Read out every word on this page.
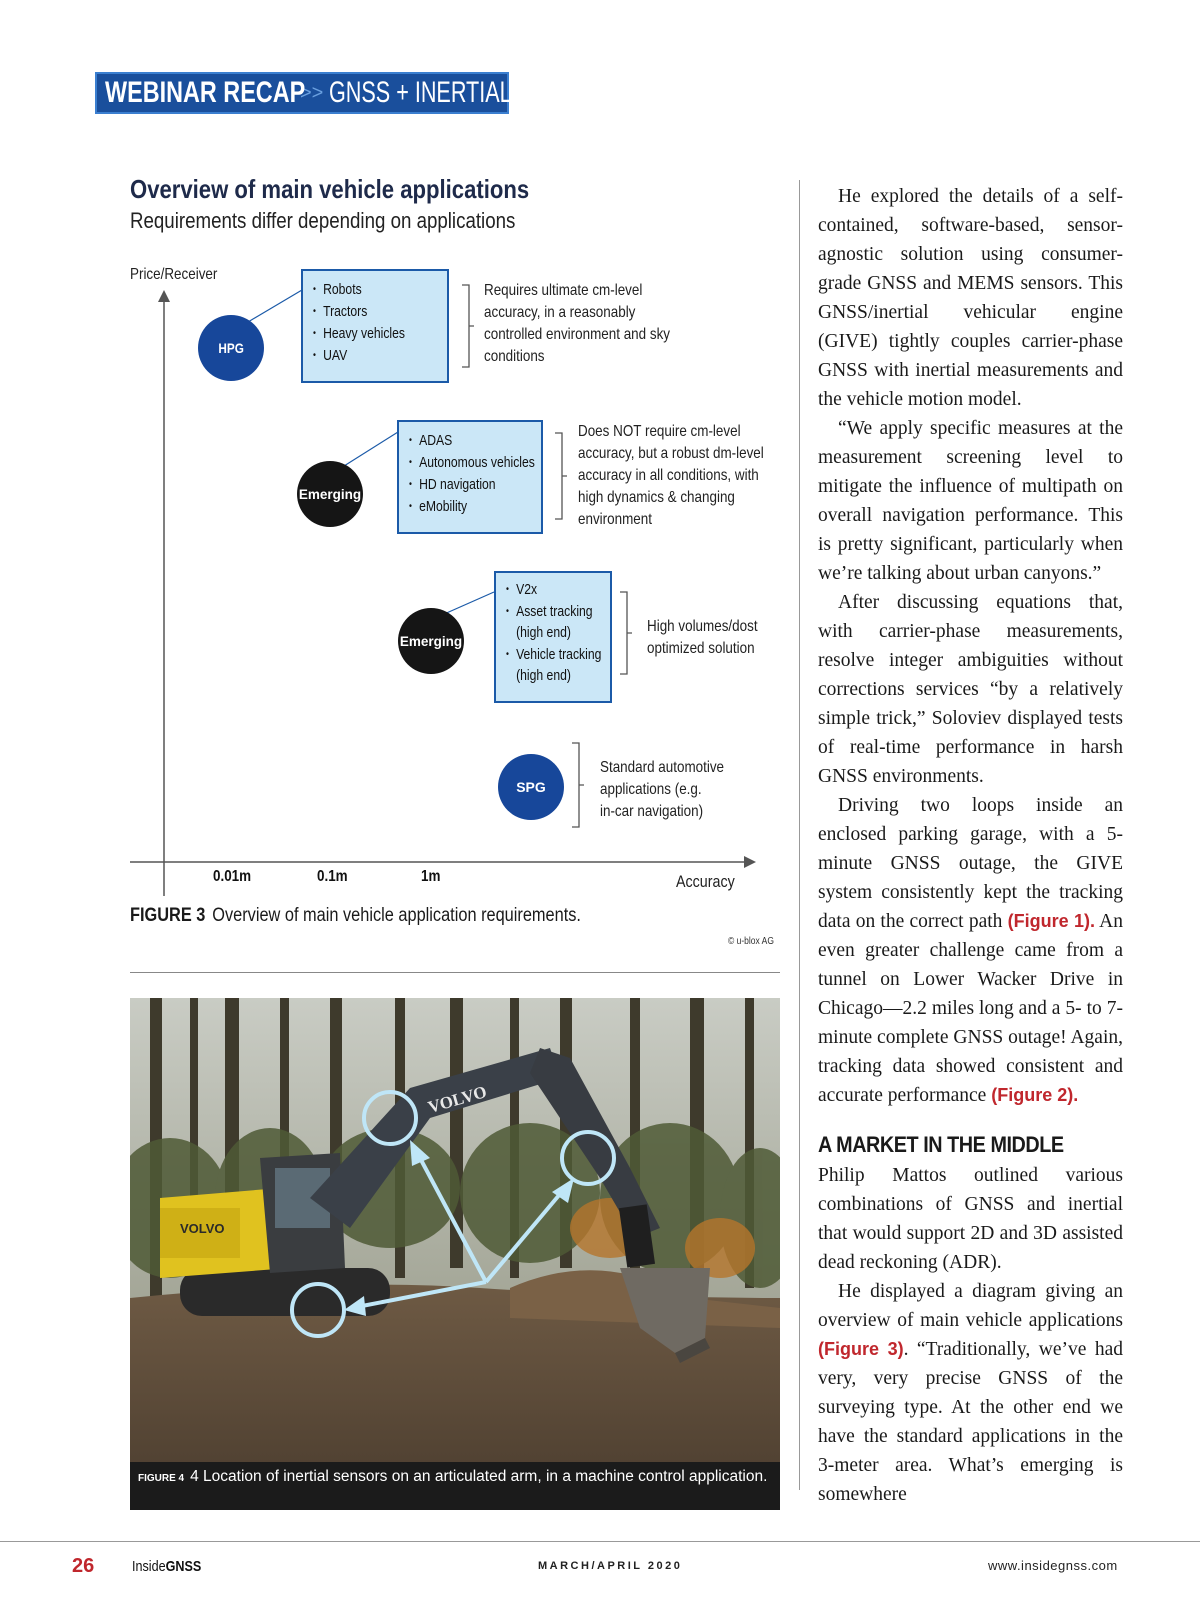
WEBINAR RECAP
>> GNSS + INERTIAL
Overview of main vehicle applications
Requirements differ depending on applications
Price/Receiver
Accuracy
0.01m	0.1m	1m
HPG
• Robots
• Tractors
• Heavy vehicles
• UAV
Requires ultimate cm-level
accuracy, in a reasonably
controlled environment and sky
conditions
Emerging
• ADAS
• Autonomous vehicles
• HD navigation
• eMobility
Does NOT require cm-level
accuracy, but a robust dm-level
accuracy in all conditions, with
high dynamics & changing
environment
Emerging
• V2x
• Asset tracking
(high end)
• Vehicle tracking
(high end)
High volumes/dost
optimized solution
SPG
Standard automotive
applications (e.g.
in-car navigation)
FIGURE 3 Overview of main vehicle application requirements.
© u-blox AG
VOLVO
VOLVO
FIGURE 4 4 Location of inertial sensors on an articulated arm, in a machine control application.

He explored the details of a self-contained, software-based, sensor-agnostic solution using consumer-grade GNSS and MEMS sensors. This GNSS/inertial vehicular engine (GIVE) tightly couples carrier-phase GNSS with inertial measurements and the vehicle motion model.

“We apply specific measures at the measurement screening level to mitigate the influence of multipath on overall navigation performance. This is pretty significant, particularly when we’re talking about urban canyons.”

After discussing equations that, with carrier-phase measurements, resolve integer ambiguities without corrections services “by a relatively simple trick,” Soloviev displayed tests of real-time performance in harsh GNSS environments.

Driving two loops inside an enclosed parking garage, with a 5-minute GNSS outage, the GIVE system consistently kept the tracking data on the correct path (Figure 1). An even greater challenge came from a tunnel on Lower Wacker Drive in Chicago—2.2 miles long and a 5- to 7-minute complete GNSS outage! Again, tracking data showed consistent and accurate performance (Figure 2).

A MARKET IN THE MIDDLE

Philip Mattos outlined various combinations of GNSS and inertial that would support 2D and 3D assisted dead reckoning (ADR).

He displayed a diagram giving an overview of main vehicle applications (Figure 3). “Traditionally, we’ve had very, very precise GNSS of the surveying type. At the other end we have the standard applications in the 3-meter area. What’s emerging is somewhere

26	InsideGNSS	MARCH/APRIL 2020	www.insidegnss.com
